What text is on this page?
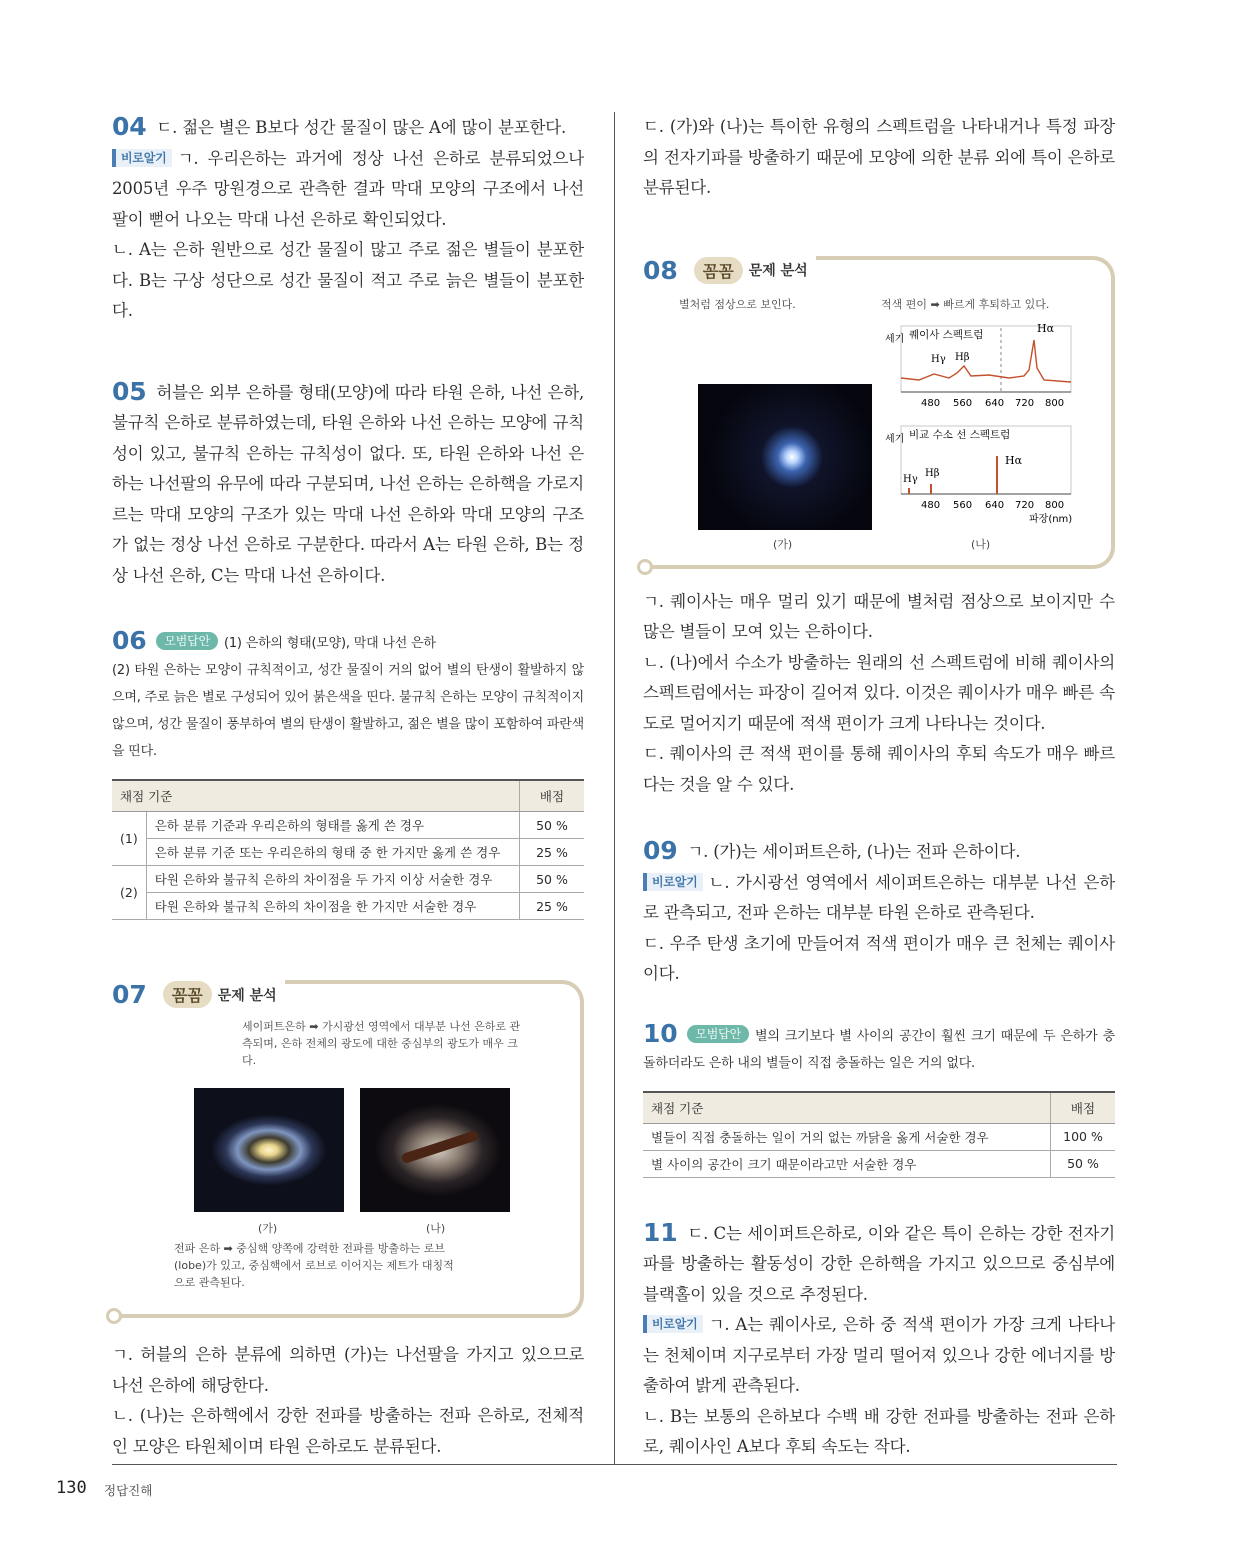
04 ㄷ. 젊은 별은 B보다 성간 물질이 많은 A에 많이 분포한다.

비로알기 ㄱ. 우리은하는 과거에 정상 나선 은하로 분류되었으나 2005년 우주 망원경으로 관측한 결과 막대 모양의 구조에서 나선팔이 뻗어 나오는 막대 나선 은하로 확인되었다.

ㄴ. A는 은하 원반으로 성간 물질이 많고 주로 젊은 별들이 분포한다. B는 구상 성단으로 성간 물질이 적고 주로 늙은 별들이 분포한다.

05 허블은 외부 은하를 형태(모양)에 따라 타원 은하, 나선 은하, 불규칙 은하로 분류하였는데, 타원 은하와 나선 은하는 모양에 규칙성이 있고, 불규칙 은하는 규칙성이 없다. 또, 타원 은하와 나선 은하는 나선팔의 유무에 따라 구분되며, 나선 은하는 은하핵을 가로지르는 막대 모양의 구조가 있는 막대 나선 은하와 막대 모양의 구조가 없는 정상 나선 은하로 구분한다. 따라서 A는 타원 은하, B는 정상 나선 은하, C는 막대 나선 은하이다.

06 모범답안 (1) 은하의 형태(모양), 막대 나선 은하

(2) 타원 은하는 모양이 규칙적이고, 성간 물질이 거의 없어 별의 탄생이 활발하지 않으며, 주로 늙은 별로 구성되어 있어 붉은색을 띤다. 불규칙 은하는 모양이 규칙적이지 않으며, 성간 물질이 풍부하여 별의 탄생이 활발하고, 젊은 별을 많이 포함하여 파란색을 띤다.

채점 기준		배점
(1)	은하 분류 기준과 우리은하의 형태를 옳게 쓴 경우	50 %
	은하 분류 기준 또는 우리은하의 형태 중 한 가지만 옳게 쓴 경우	25 %
(2)	타원 은하와 불규칙 은하의 차이점을 두 가지 이상 서술한 경우	50 %
	타원 은하와 불규칙 은하의 차이점을 한 가지만 서술한 경우	25 %
07	꼼꼼	문제 분석
세이퍼트은하 ➡ 가시광선 영역에서 대부분 나선 은하로 관측되며, 은하 전체의 광도에 대한 중심부의 광도가 매우 크다.
(가)	(나)
전파 은하 ➡ 중심핵 양쪽에 강력한 전파를 방출하는 로브(lobe)가 있고, 중심핵에서 로브로 이어지는 제트가 대칭적으로 관측된다.

ㄱ. 허블의 은하 분류에 의하면 (가)는 나선팔을 가지고 있으므로 나선 은하에 해당한다.

ㄴ. (나)는 은하핵에서 강한 전파를 방출하는 전파 은하로, 전체적인 모양은 타원체이며 타원 은하로도 분류된다.

ㄷ. (가)와 (나)는 특이한 유형의 스펙트럼을 나타내거나 특정 파장의 전자기파를 방출하기 때문에 모양에 의한 분류 외에 특이 은하로 분류된다.

08	꼼꼼	문제 분석
별처럼 점상으로 보인다.	적색 편이 ➡ 빠르게 후퇴하고 있다.
(가)	(나)
퀘이사 스펙트럼	Hα
Hγ Hβ
세기
480 560 640 720 800
비교 수소 선 스펙트럼
Hα
Hβ
Hγ
세기
480 560 640 720 800
파장(nm)

ㄱ. 퀘이사는 매우 멀리 있기 때문에 별처럼 점상으로 보이지만 수많은 별들이 모여 있는 은하이다.

ㄴ. (나)에서 수소가 방출하는 원래의 선 스펙트럼에 비해 퀘이사의 스펙트럼에서는 파장이 길어져 있다. 이것은 퀘이사가 매우 빠른 속도로 멀어지기 때문에 적색 편이가 크게 나타나는 것이다.

ㄷ. 퀘이사의 큰 적색 편이를 통해 퀘이사의 후퇴 속도가 매우 빠르다는 것을 알 수 있다.

09 ㄱ. (가)는 세이퍼트은하, (나)는 전파 은하이다.

비로알기 ㄴ. 가시광선 영역에서 세이퍼트은하는 대부분 나선 은하로 관측되고, 전파 은하는 대부분 타원 은하로 관측된다.

ㄷ. 우주 탄생 초기에 만들어져 적색 편이가 매우 큰 천체는 퀘이사이다.

10 모범답안 별의 크기보다 별 사이의 공간이 훨씬 크기 때문에 두 은하가 충돌하더라도 은하 내의 별들이 직접 충돌하는 일은 거의 없다.

채점 기준	배점
별들이 직접 충돌하는 일이 거의 없는 까닭을 옳게 서술한 경우	100 %
별 사이의 공간이 크기 때문이라고만 서술한 경우	50 %

11 ㄷ. C는 세이퍼트은하로, 이와 같은 특이 은하는 강한 전자기파를 방출하는 활동성이 강한 은하핵을 가지고 있으므로 중심부에 블랙홀이 있을 것으로 추정된다.

비로알기 ㄱ. A는 퀘이사로, 은하 중 적색 편이가 가장 크게 나타나는 천체이며 지구로부터 가장 멀리 떨어져 있으나 강한 에너지를 방출하여 밝게 관측된다.

ㄴ. B는 보통의 은하보다 수백 배 강한 전파를 방출하는 전파 은하로, 퀘이사인 A보다 후퇴 속도는 작다.

130 정답진해
